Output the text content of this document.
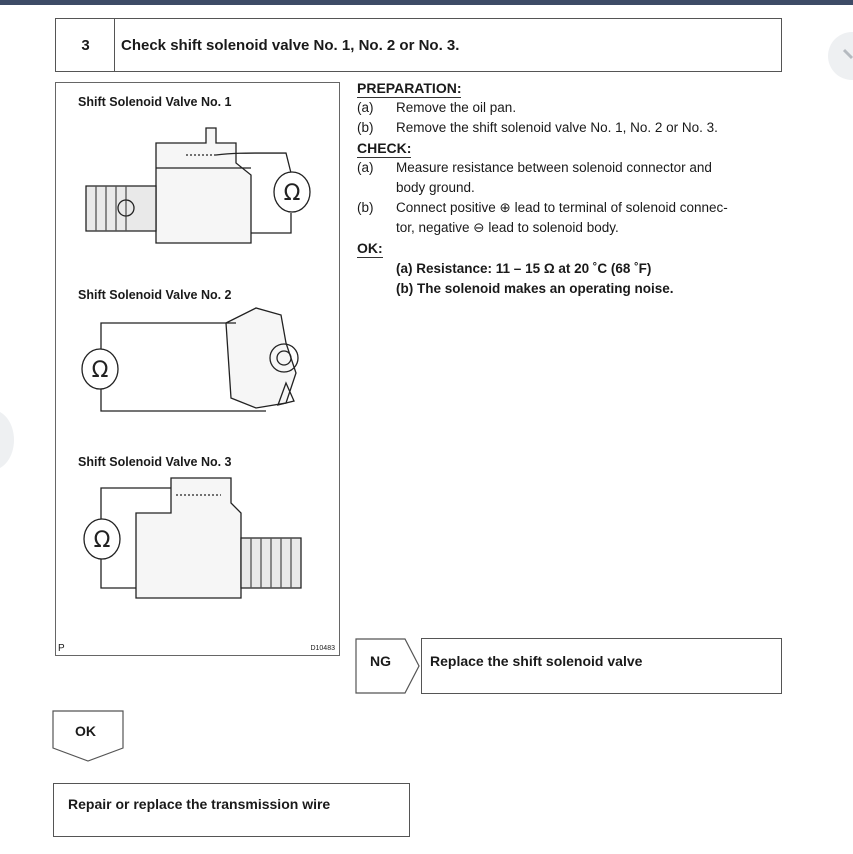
3	Check shift solenoid valve No. 1, No. 2 or No. 3.
Shift Solenoid Valve No. 1
Shift Solenoid Valve No. 2
Shift Solenoid Valve No. 3
Ω
Ω
Ω
P	D10483
PREPARATION:
(a) Remove the oil pan.
(b) Remove the shift solenoid valve No. 1, No. 2 or No. 3.
CHECK:
(a) Measure resistance between solenoid connector and
body ground.
(b) Connect positive ⊕ lead to terminal of solenoid connec-
tor, negative ⊖ lead to solenoid body.
OK:
(a) Resistance: 11 – 15 Ω at 20 ˚C (68 ˚F)
(b) The solenoid makes an operating noise.
NG	Replace the shift solenoid valve
OK
Repair or replace the transmission wire
